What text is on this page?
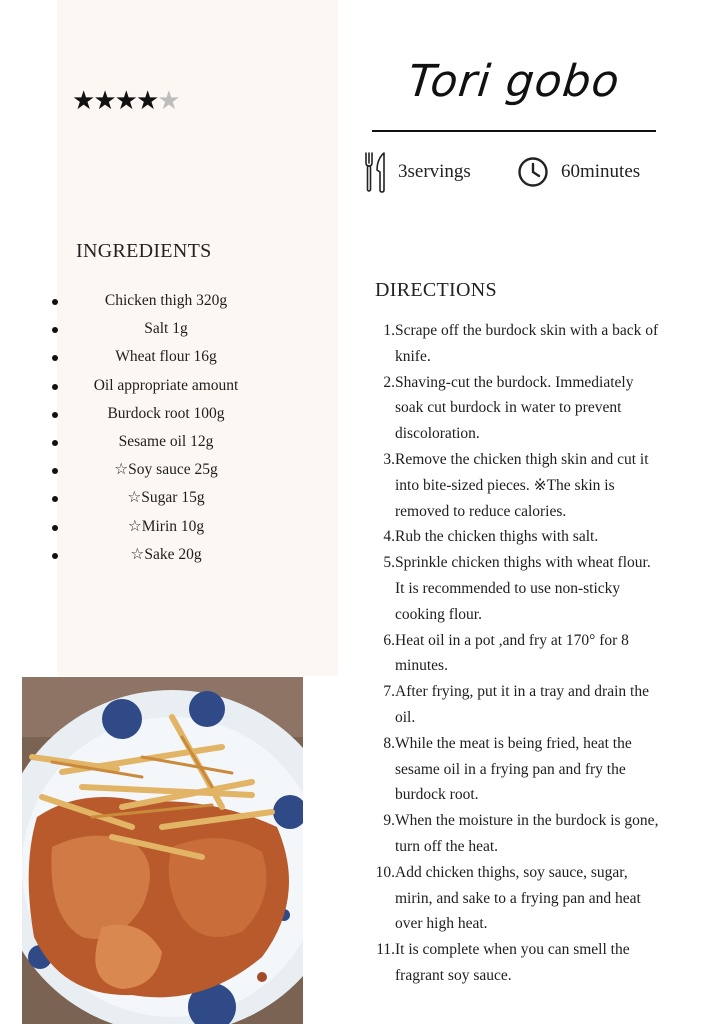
★★★★★
INGREDIENTS
Chicken thigh 320g
Salt 1g
Wheat flour 16g
Oil appropriate amount
Burdock root 100g
Sesame oil 12g
☆Soy sauce 25g
☆Sugar 15g
☆Mirin 10g
☆Sake 20g
Tori gobo
3servings	60minutes
DIRECTIONS
1. Scrape off the burdock skin with a back of knife.
2. Shaving-cut the burdock. Immediately soak cut burdock in water to prevent discoloration.
3. Remove the chicken thigh skin and cut it into bite-sized pieces. ※The skin is removed to reduce calories.
4. Rub the chicken thighs with salt.
5. Sprinkle chicken thighs with wheat flour. It is recommended to use non-sticky cooking flour.
6. Heat oil in a pot ,and fry at 170° for 8 minutes.
7. After frying, put it in a tray and drain the oil.
8. While the meat is being fried, heat the sesame oil in a frying pan and fry the burdock root.
9. When the moisture in the burdock is gone, turn off the heat.
10. Add chicken thighs, soy sauce, sugar, mirin, and sake to a frying pan and heat over high heat.
11. It is complete when you can smell the fragrant soy sauce.
